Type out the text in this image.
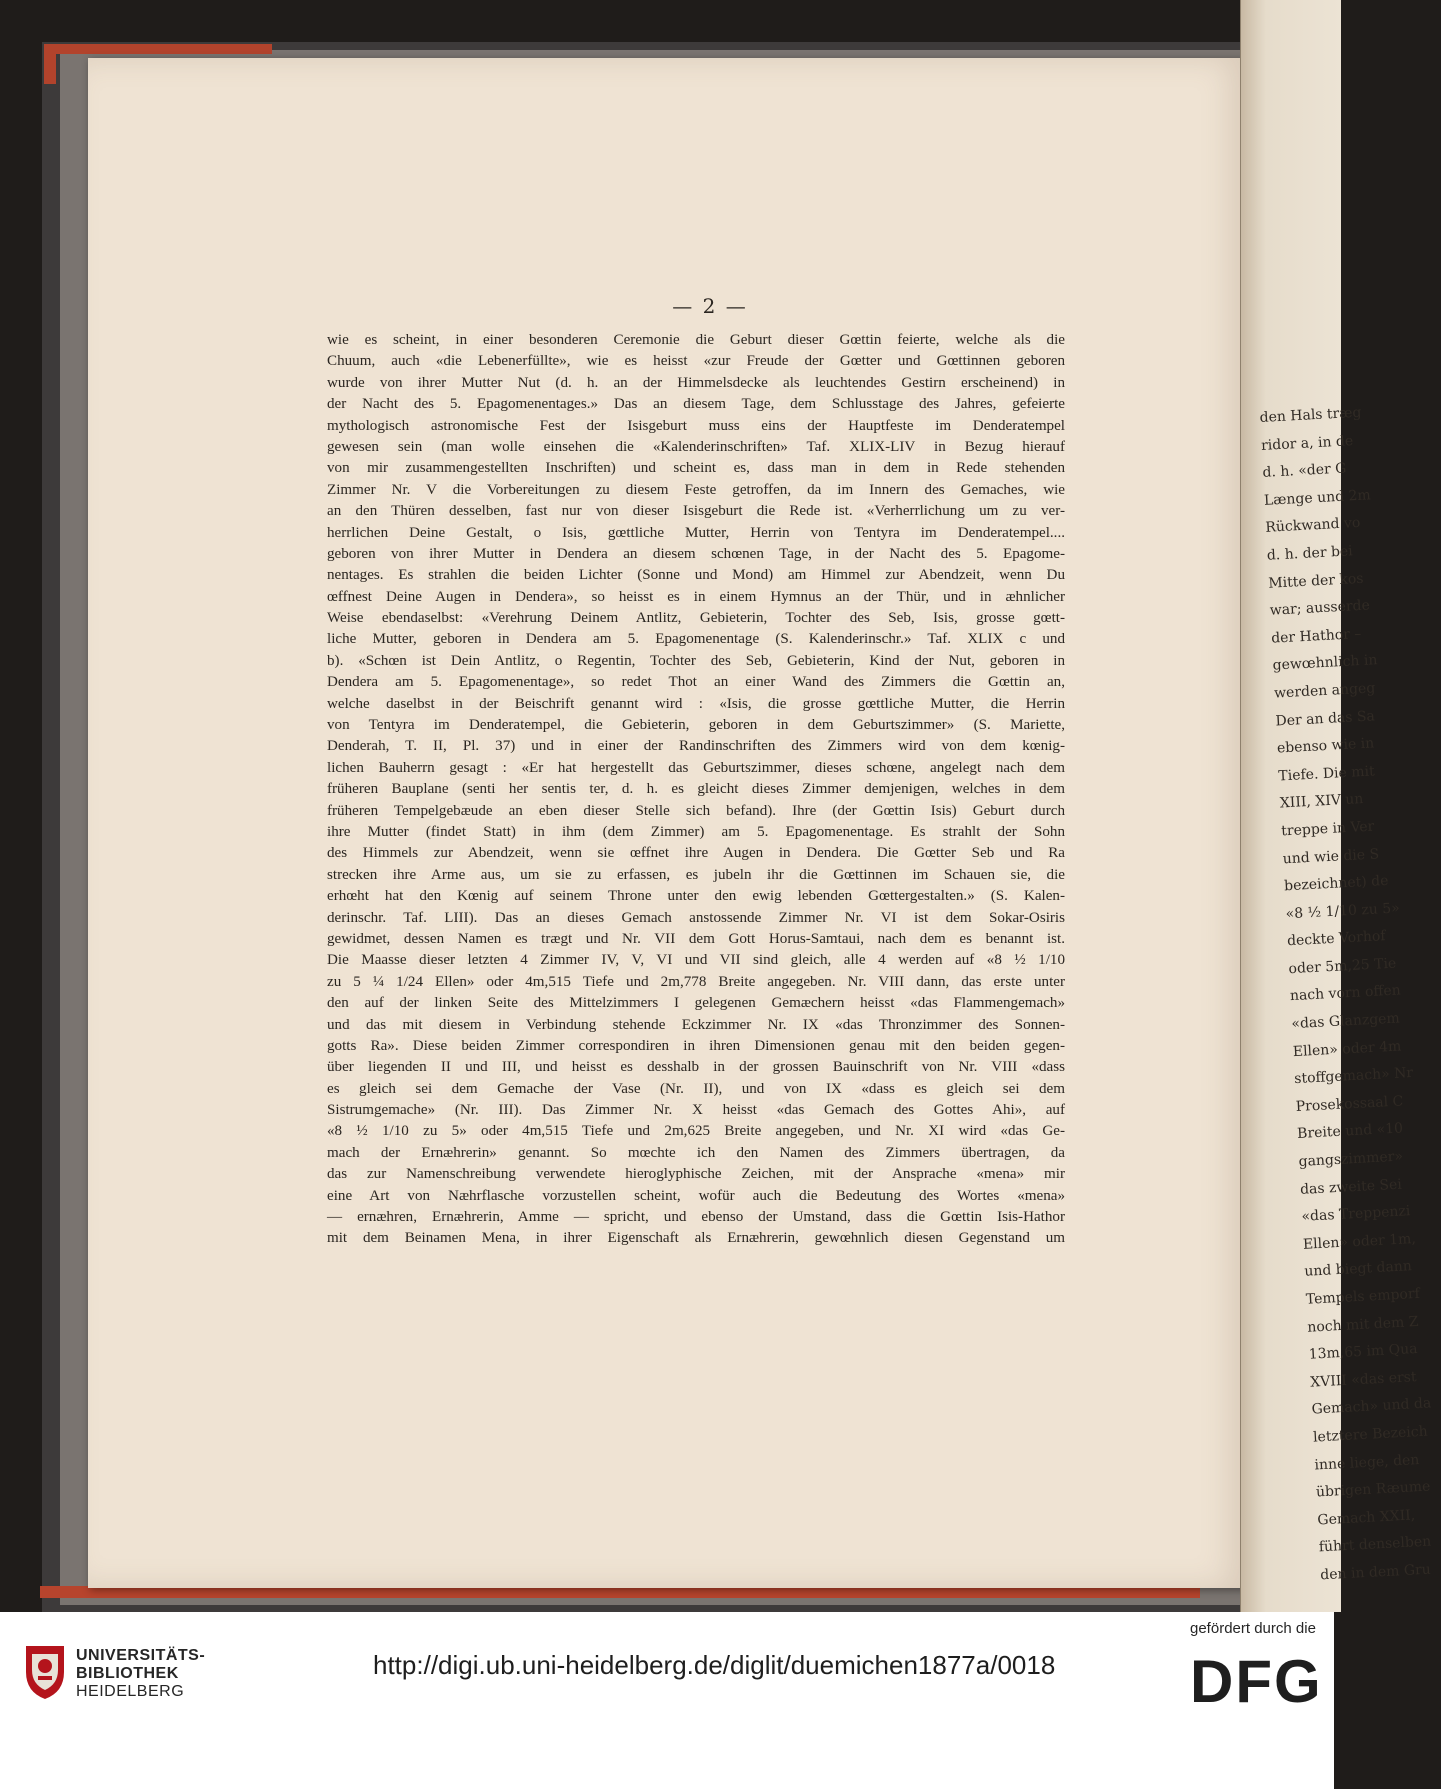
— 2 —
wie es scheint, in einer besonderen Ceremonie die Geburt dieser Gœttin feierte, welche als die
Chuum, auch «die Lebenerfüllte», wie es heisst «zur Freude der Gœtter und Gœttinnen geboren
wurde von ihrer Mutter Nut (d. h. an der Himmelsdecke als leuchtendes Gestirn erscheinend) in
der Nacht des 5. Epagomenentages.» Das an diesem Tage, dem Schlusstage des Jahres, gefeierte
mythologisch astronomische Fest der Isisgeburt muss eins der Hauptfeste im Denderatempel
gewesen sein (man wolle einsehen die «Kalenderinschriften» Taf. XLIX-LIV in Bezug hierauf
von mir zusammengestellten Inschriften) und scheint es, dass man in dem in Rede stehenden
Zimmer Nr. V die Vorbereitungen zu diesem Feste getroffen, da im Innern des Gemaches, wie
an den Thüren desselben, fast nur von dieser Isisgeburt die Rede ist. «Verherrlichung um zu ver-
herrlichen Deine Gestalt, o Isis, gœttliche Mutter, Herrin von Tentyra im Denderatempel....
geboren von ihrer Mutter in Dendera an diesem schœnen Tage, in der Nacht des 5. Epagome-
nentages. Es strahlen die beiden Lichter (Sonne und Mond) am Himmel zur Abendzeit, wenn Du
œffnest Deine Augen in Dendera», so heisst es in einem Hymnus an der Thür, und in æhnlicher
Weise ebendaselbst: «Verehrung Deinem Antlitz, Gebieterin, Tochter des Seb, Isis, grosse gœtt-
liche Mutter, geboren in Dendera am 5. Epagomenentage (S. Kalenderinschr.» Taf. XLIX c und
b). «Schœn ist Dein Antlitz, o Regentin, Tochter des Seb, Gebieterin, Kind der Nut, geboren in
Dendera am 5. Epagomenentage», so redet Thot an einer Wand des Zimmers die Gœttin an,
welche daselbst in der Beischrift genannt wird : «Isis, die grosse gœttliche Mutter, die Herrin
von Tentyra im Denderatempel, die Gebieterin, geboren in dem Geburtszimmer» (S. Mariette,
Denderah, T. II, Pl. 37) und in einer der Randinschriften des Zimmers wird von dem kœnig-
lichen Bauherrn gesagt : «Er hat hergestellt das Geburtszimmer, dieses schœne, angelegt nach dem
früheren Bauplane (senti her sentis ter, d. h. es gleicht dieses Zimmer demjenigen, welches in dem
früheren Tempelgebæude an eben dieser Stelle sich befand). Ihre (der Gœttin Isis) Geburt durch
ihre Mutter (findet Statt) in ihm (dem Zimmer) am 5. Epagomenentage. Es strahlt der Sohn
des Himmels zur Abendzeit, wenn sie œffnet ihre Augen in Dendera. Die Gœtter Seb und Ra
strecken ihre Arme aus, um sie zu erfassen, es jubeln ihr die Gœttinnen im Schauen sie, die
erhœht hat den Kœnig auf seinem Throne unter den ewig lebenden Gœttergestalten.» (S. Kalen-
derinschr. Taf. LIII). Das an dieses Gemach anstossende Zimmer Nr. VI ist dem Sokar-Osiris
gewidmet, dessen Namen es trægt und Nr. VII dem Gott Horus-Samtaui, nach dem es benannt ist.
Die Maasse dieser letzten 4 Zimmer IV, V, VI und VII sind gleich, alle 4 werden auf «8 ½ 1/10
zu 5 ¼ 1/24 Ellen» oder 4m,515 Tiefe und 2m,778 Breite angegeben. Nr. VIII dann, das erste unter
den auf der linken Seite des Mittelzimmers I gelegenen Gemæchern heisst «das Flammengemach»
und das mit diesem in Verbindung stehende Eckzimmer Nr. IX «das Thronzimmer des Sonnen-
gotts Ra». Diese beiden Zimmer correspondiren in ihren Dimensionen genau mit den beiden gegen-
über liegenden II und III, und heisst es desshalb in der grossen Bauinschrift von Nr. VIII «dass
es gleich sei dem Gemache der Vase (Nr. II), und von IX «dass es gleich sei dem
Sistrumgemache» (Nr. III). Das Zimmer Nr. X heisst «das Gemach des Gottes Ahi», auf
«8 ½ 1/10 zu 5» oder 4m,515 Tiefe und 2m,625 Breite angegeben, und Nr. XI wird «das Ge-
mach der Ernæhrerin» genannt. So mœchte ich den Namen des Zimmers übertragen, da
das zur Namenschreibung verwendete hieroglyphische Zeichen, mit der Ansprache «mena» mir
eine Art von Næhrflasche vorzustellen scheint, wofür auch die Bedeutung des Wortes «mena»
— ernæhren, Ernæhrerin, Amme — spricht, und ebenso der Umstand, dass die Gœttin Isis-Hathor
mit dem Beinamen Mena, in ihrer Eigenschaft als Ernæhrerin, gewœhnlich diesen Gegenstand um
den Hals træg
ridor a, in de
d. h. «der G
Længe und 2m
Rückwand vo
d. h. der bei
Mitte der kos
war; ausserde
der Hathor –
gewœhnlich in
werden angeg
Der an das Sa
ebenso wie in
Tiefe. Die mit
XIII, XIV un
treppe in Ver
und wie die S
bezeichnet) de
«8 ½ 1/10 zu 5»
deckte Vorhof
oder 5m,25 Tie
nach vorn offen
«das Glanzgem
Ellen» oder 4m
stoffgemach» Nr
Prosekossaal C
Breite und «10
gangszimmer»
das zweite Sei
«das Treppenzi
Ellen» oder 1m,
und biegt dann
Tempels emporf
noch mit dem Z
13m,65 im Qua
XVIII «das erst
Gemach» und da
letztere Bezeich
inne liege, den
übrigen Ræume
Gemach XXII,
führt denselben
den in dem Gru
UNIVERSITÄTS-
BIBLIOTHEK
HEIDELBERG
http://digi.ub.uni-heidelberg.de/diglit/duemichen1877a/0018
gefördert durch die
DFG
